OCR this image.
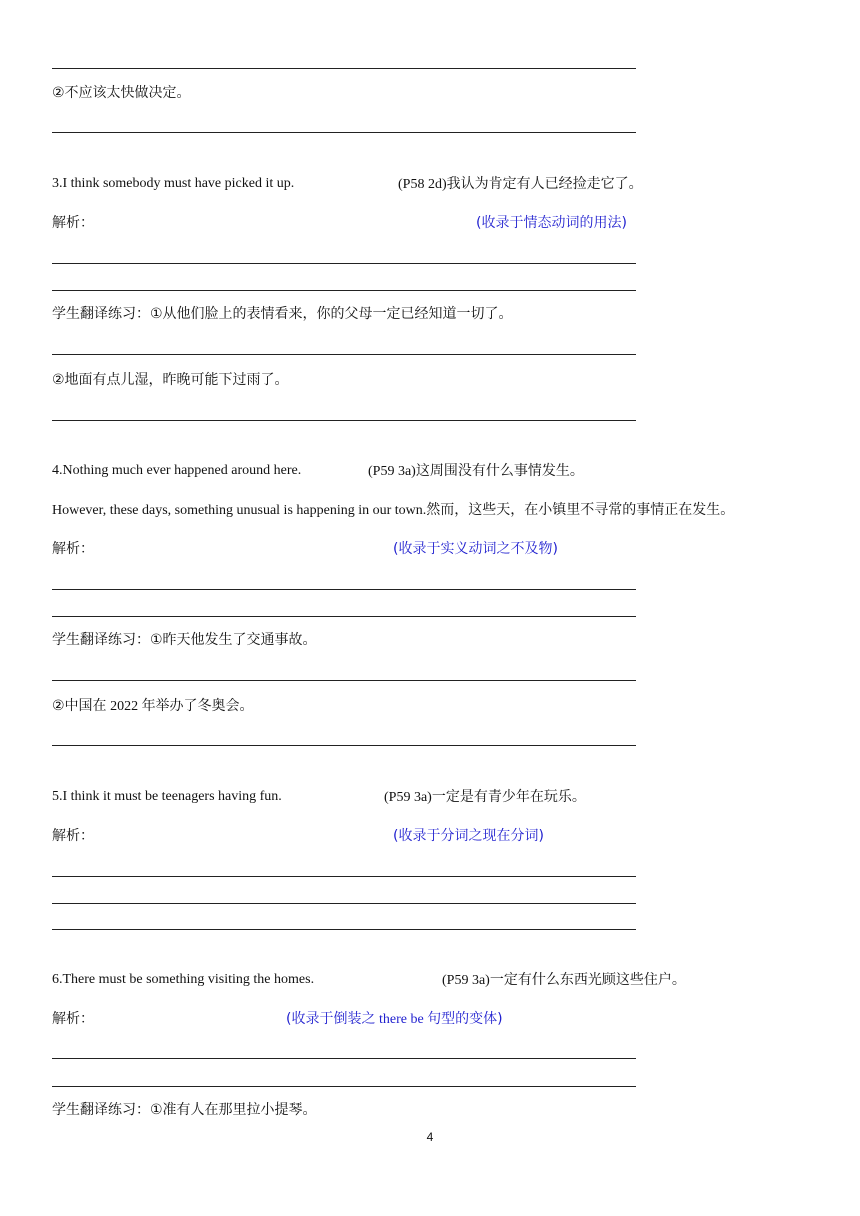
②不应该太快做决定。
3.I think somebody must have picked it up.	(P58 2d)我认为肯定有人已经捡走它了。
解析：	(收录于情态动词的用法)
学生翻译练习：①从他们脸上的表情看来，你的父母一定已经知道一切了。
②地面有点儿湿，昨晚可能下过雨了。
4.Nothing much ever happened around here.	(P59 3a)这周围没有什么事情发生。
However, these days, something unusual is happening in our town.然而，这些天，在小镇里不寻常的事情正在发生。
解析：	(收录于实义动词之不及物)
学生翻译练习：①昨天他发生了交通事故。
②中国在 2022 年举办了冬奥会。
5.I think it must be teenagers having fun.	(P59 3a)一定是有青少年在玩乐。
解析：	(收录于分词之现在分词)
6.There must be something visiting the homes.	(P59 3a)一定有什么东西光顾这些住户。
解析：	(收录于倒装之 there be 句型的变体)
学生翻译练习：①准有人在那里拉小提琴。
4
